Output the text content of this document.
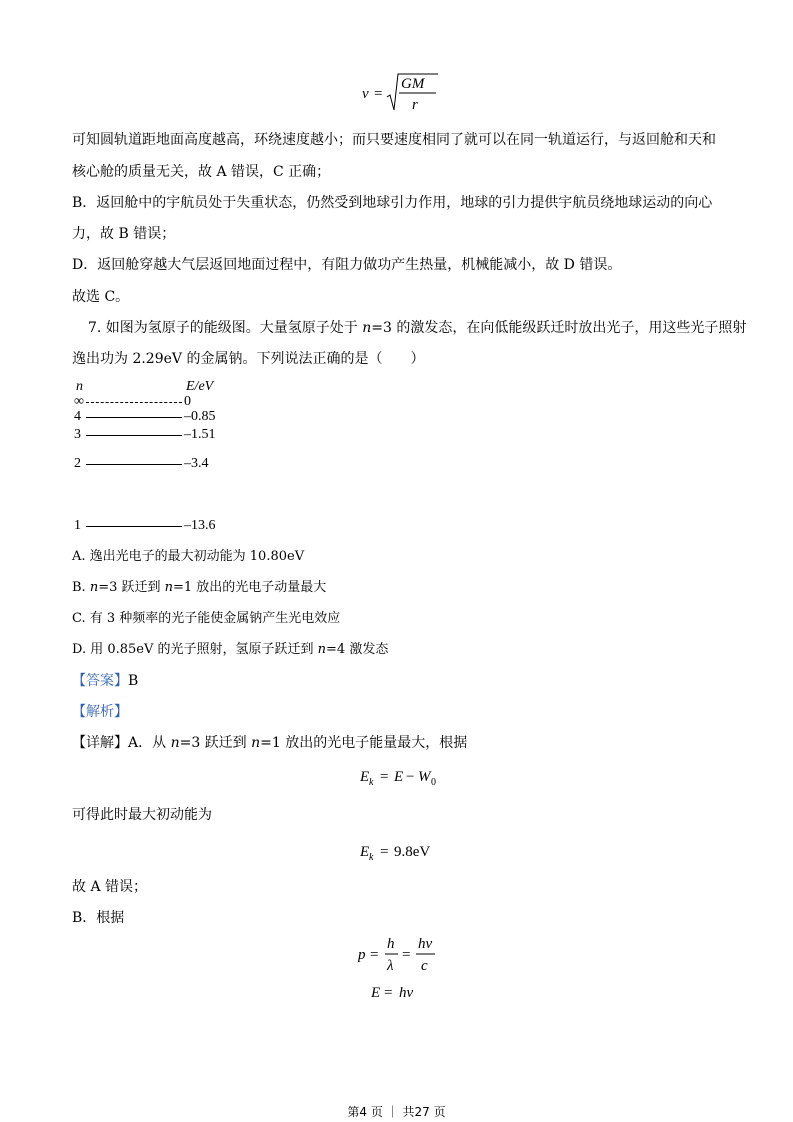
v =
GM
r
可知圆轨道距地面高度越高，环绕速度越小；而只要速度相同了就可以在同一轨道运行，与返回舱和天和
核心舱的质量无关，故 A 错误，C 正确；
B．返回舱中的宇航员处于失重状态，仍然受到地球引力作用，地球的引力提供宇航员绕地球运动的向心
力，故 B 错误；
D．返回舱穿越大气层返回地面过程中，有阻力做功产生热量，机械能减小，故 D 错误。
故选 C。
7. 如图为氢原子的能级图。大量氢原子处于 n=3 的激发态，在向低能级跃迁时放出光子，用这些光子照射
逸出功为 2.29eV 的金属钠。下列说法正确的是（　　）
n	E/eV
∞	0
4	–0.85
3	–1.51
2	–3.4
1	–13.6
A. 逸出光电子的最大初动能为 10.80eV
B. n=3 跃迁到 n=1 放出的光电子动量最大
C. 有 3 种频率的光子能使金属钠产生光电效应
D. 用 0.85eV 的光子照射，氢原子跃迁到 n=4 激发态
【答案】B
【解析】
【详解】A．从 n=3 跃迁到 n=1 放出的光电子能量最大，根据
E k = E − W 0
可得此时最大初动能为
E k = 9.8eV
故 A 错误；
B．根据
p =
h
λ
=
hν
c
E = hν
第4 页 ｜ 共27 页
